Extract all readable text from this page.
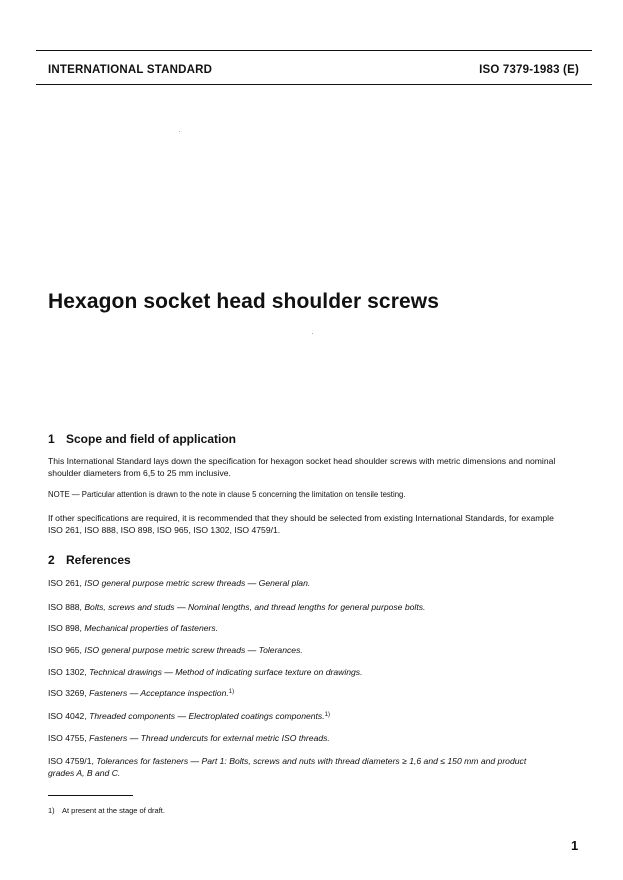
INTERNATIONAL STANDARD	ISO 7379-1983 (E)
Hexagon socket head shoulder screws
1 Scope and field of application
This International Standard lays down the specification for hexagon socket head shoulder screws with metric dimensions and nominal
shoulder diameters from 6,5 to 25 mm inclusive.
NOTE — Particular attention is drawn to the note in clause 5 concerning the limitation on tensile testing.
If other specifications are required, it is recommended that they should be selected from existing International Standards, for example
ISO 261, ISO 888, ISO 898, ISO 965, ISO 1302, ISO 4759/1.
2 References
ISO 261, ISO general purpose metric screw threads — General plan.
ISO 888, Bolts, screws and studs — Nominal lengths, and thread lengths for general purpose bolts.
ISO 898, Mechanical properties of fasteners.
ISO 965, ISO general purpose metric screw threads — Tolerances.
ISO 1302, Technical drawings — Method of indicating surface texture on drawings.
ISO 3269, Fasteners — Acceptance inspection.$^{1)}$
ISO 4042, Threaded components — Electroplated coatings components.$^{1)}$
ISO 4755, Fasteners — Thread undercuts for external metric ISO threads.
ISO 4759/1, Tolerances for fasteners — Part 1: Bolts, screws and nuts with thread diameters ≥ 1,6 and ≤ 150 mm and product
grades A, B and C.
1) At present at the stage of draft.
1
